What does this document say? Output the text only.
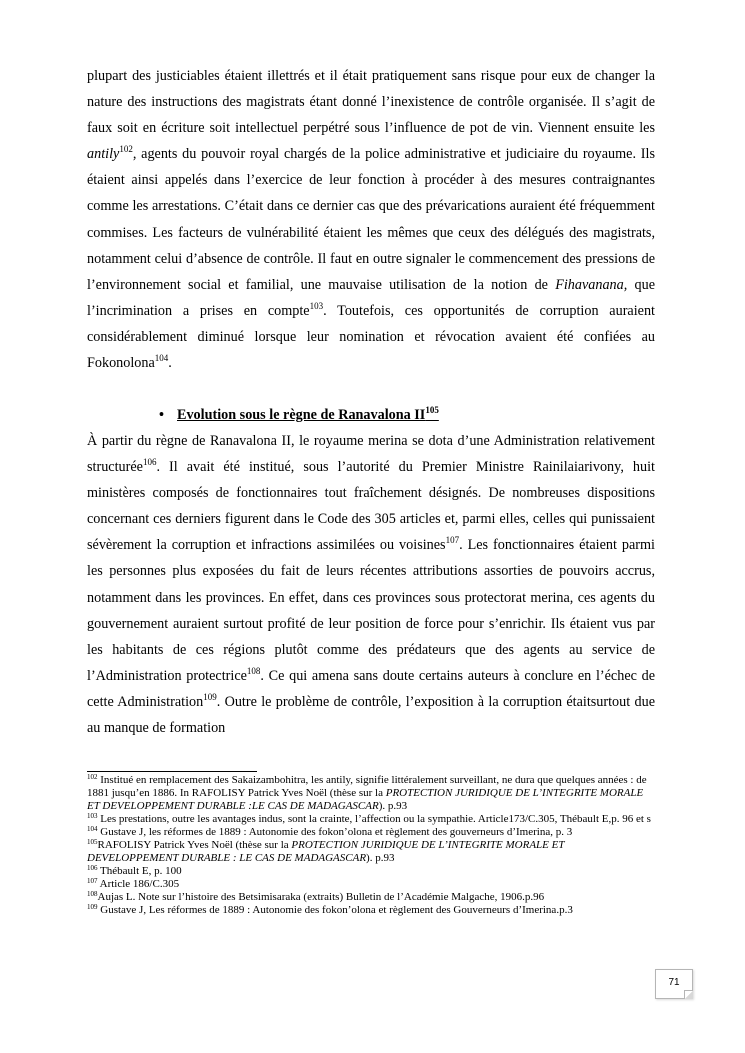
plupart des justiciables étaient illettrés et il était pratiquement sans risque pour eux de changer la nature des instructions des magistrats étant donné l’inexistence de contrôle organisée. Il s’agit de faux soit en écriture soit intellectuel perpétré sous l’influence de pot de vin. Viennent ensuite les antily$^{102}$, agents du pouvoir royal chargés de la police administrative et judiciaire du royaume. Ils étaient ainsi appelés dans l’exercice de leur fonction à procéder à des mesures contraignantes comme les arrestations. C’était dans ce dernier cas que des prévarications auraient été fréquemment commises. Les facteurs de vulnérabilité étaient les mêmes que ceux des délégués des magistrats, notamment celui d’absence de contrôle. Il faut en outre signaler le commencement des pressions de l’environnement social et familial, une mauvaise utilisation de la notion de Fihavanana, que l’incrimination a prises en compte$^{103}$. Toutefois, ces opportunités de corruption auraient considérablement diminué lorsque leur nomination et révocation avaient été confiées au Fokonolona$^{104}$.

• Evolution sous le règne de Ranavalona II$^{105}$

À partir du règne de Ranavalona II, le royaume merina se dota d’une Administration relativement structurée$^{106}$. Il avait été institué, sous l’autorité du Premier Ministre Rainilaiarivony, huit ministères composés de fonctionnaires tout fraîchement désignés. De nombreuses dispositions concernant ces derniers figurent dans le Code des 305 articles et, parmi elles, celles qui punissaient sévèrement la corruption et infractions assimilées ou voisines$^{107}$. Les fonctionnaires étaient parmi les personnes plus exposées du fait de leurs récentes attributions assorties de pouvoirs accrus, notamment dans les provinces. En effet, dans ces provinces sous protectorat merina, ces agents du gouvernement auraient surtout profité de leur position de force pour s’enrichir. Ils étaient vus par les habitants de ces régions plutôt comme des prédateurs que des agents au service de l’Administration protectrice$^{108}$. Ce qui amena sans doute certains auteurs à conclure en l’échec de cette Administration$^{109}$. Outre le problème de contrôle, l’exposition à la corruption étaitsurtout due au manque de formation

$^{102}$ Institué en remplacement des Sakaizambohitra, les antily, signifie littéralement surveillant, ne dura que quelques années : de 1881 jusqu’en 1886. In RAFOLISY Patrick Yves Noël (thèse sur la PROTECTION JURIDIQUE DE L’INTEGRITE MORALE ET DEVELOPPEMENT DURABLE :LE CAS DE MADAGASCAR). p.93

$^{103}$ Les prestations, outre les avantages indus, sont la crainte, l’affection ou la sympathie. Article173/C.305, Thébault E,p. 96 et s

$^{104}$ Gustave J, les réformes de 1889 : Autonomie des fokon’olona et règlement des gouverneurs d’Imerina, p. 3

$^{105}$RAFOLISY Patrick Yves Noël (thèse sur la PROTECTION JURIDIQUE DE L’INTEGRITE MORALE ET DEVELOPPEMENT DURABLE : LE CAS DE MADAGASCAR). p.93

$^{106}$ Thébault E, p. 100

$^{107}$ Article 186/C.305

$^{108}$Aujas L. Note sur l’histoire des Betsimisaraka (extraits) Bulletin de l’Académie Malgache, 1906.p.96

$^{109}$ Gustave J, Les réformes de 1889 : Autonomie des fokon’olona et règlement des Gouverneurs d’Imerina.p.3

71
